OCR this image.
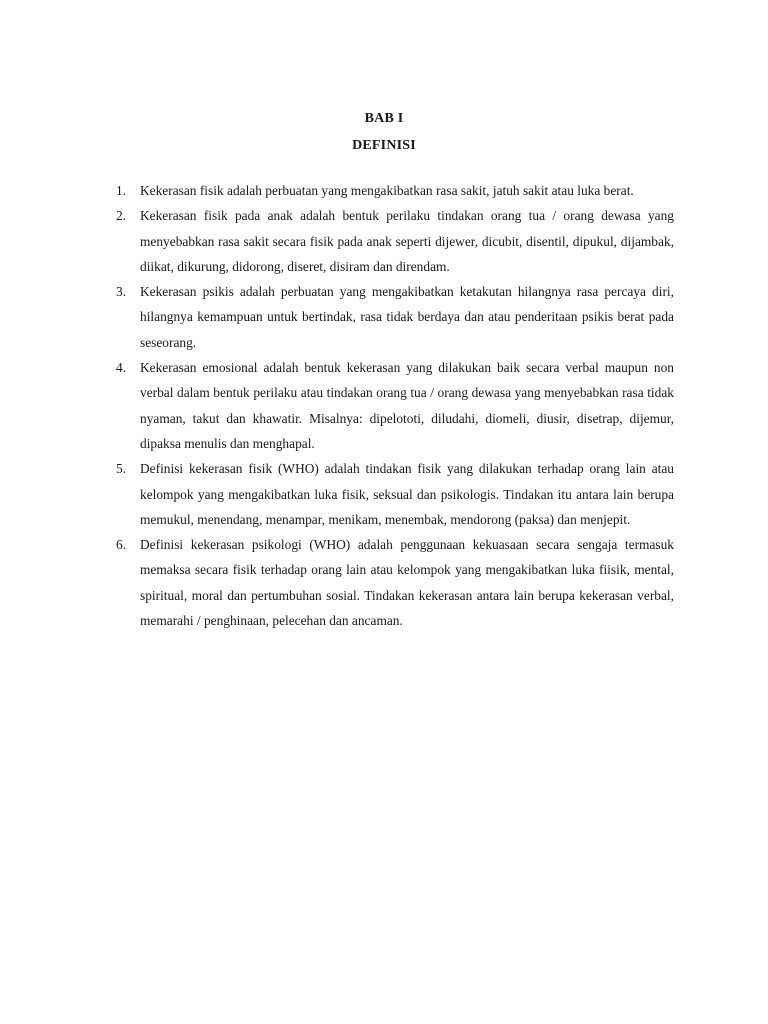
BAB I
DEFINISI
1. Kekerasan fisik adalah perbuatan yang mengakibatkan rasa sakit, jatuh sakit atau luka berat.
2. Kekerasan fisik pada anak adalah bentuk perilaku tindakan orang tua / orang dewasa yang menyebabkan rasa sakit secara fisik pada anak seperti dijewer, dicubit, disentil, dipukul, dijambak, diikat, dikurung, didorong, diseret, disiram dan direndam.
3. Kekerasan psikis adalah perbuatan yang mengakibatkan ketakutan hilangnya rasa percaya diri, hilangnya kemampuan untuk bertindak, rasa tidak berdaya dan atau penderitaan psikis berat pada seseorang.
4. Kekerasan emosional adalah bentuk kekerasan yang dilakukan baik secara verbal maupun non verbal dalam bentuk perilaku atau tindakan orang tua / orang dewasa yang menyebabkan rasa tidak nyaman, takut dan khawatir. Misalnya: dipelototi, diludahi, diomeli, diusir, disetrap, dijemur, dipaksa menulis dan menghapal.
5. Definisi kekerasan fisik (WHO) adalah tindakan fisik yang dilakukan terhadap orang lain atau kelompok yang mengakibatkan luka fisik, seksual dan psikologis. Tindakan itu antara lain berupa memukul, menendang, menampar, menikam, menembak, mendorong (paksa) dan menjepit.
6. Definisi kekerasan psikologi (WHO) adalah penggunaan kekuasaan secara sengaja termasuk memaksa secara fisik terhadap orang lain atau kelompok yang mengakibatkan luka fiisik, mental, spiritual, moral dan pertumbuhan sosial. Tindakan kekerasan antara lain berupa kekerasan verbal, memarahi / penghinaan, pelecehan dan ancaman.
